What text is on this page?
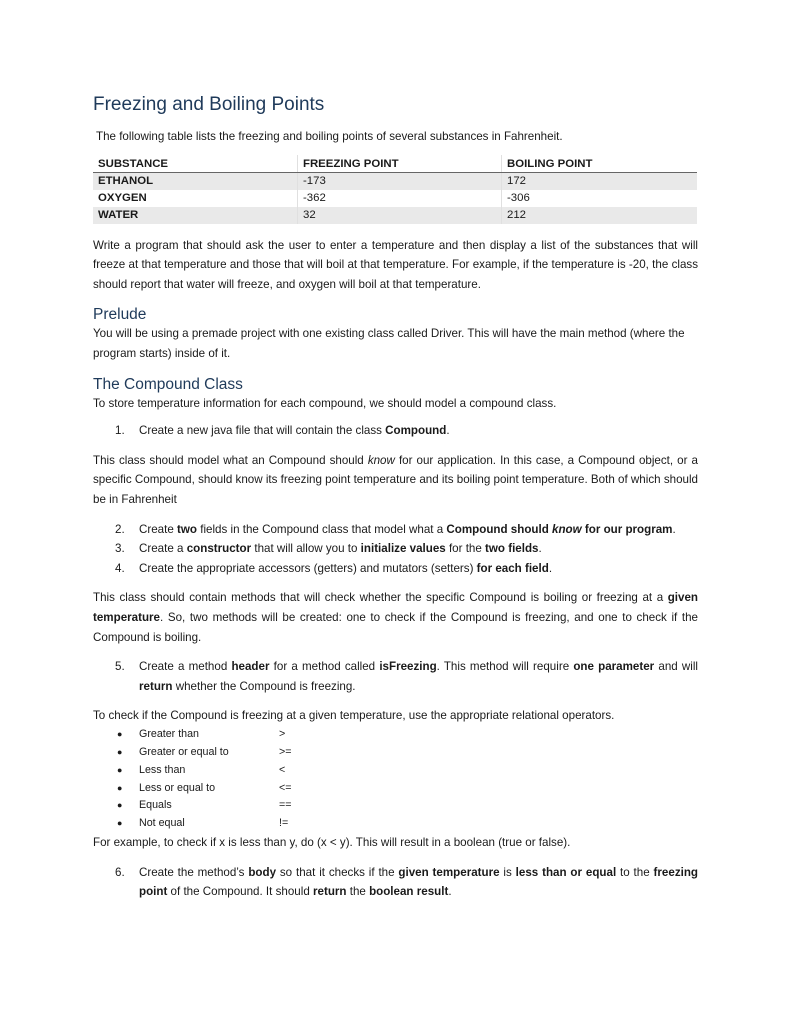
Freezing and Boiling Points

The following table lists the freezing and boiling points of several substances in Fahrenheit.

SUBSTANCE	FREEZING POINT	BOILING POINT
ETHANOL	-173	172
OXYGEN	-362	-306
WATER	32	212

Write a program that should ask the user to enter a temperature and then display a list of the substances that will freeze at that temperature and those that will boil at that temperature. For example, if the temperature is -20, the class should report that water will freeze, and oxygen will boil at that temperature.

Prelude

You will be using a premade project with one existing class called Driver. This will have the main method (where the program starts) inside of it.

The Compound Class

To store temperature information for each compound, we should model a compound class.

1. Create a new java file that will contain the class Compound.

This class should model what an Compound should know for our application. In this case, a Compound object, or a specific Compound, should know its freezing point temperature and its boiling point temperature. Both of which should be in Fahrenheit

2. Create two fields in the Compound class that model what a Compound should know for our program.
3. Create a constructor that will allow you to initialize values for the two fields.
4. Create the appropriate accessors (getters) and mutators (setters) for each field.

This class should contain methods that will check whether the specific Compound is boiling or freezing at a given temperature. So, two methods will be created: one to check if the Compound is freezing, and one to check if the Compound is boiling.

5. Create a method header for a method called isFreezing. This method will require one parameter and will return whether the Compound is freezing.

To check if the Compound is freezing at a given temperature, use the appropriate relational operators.

● Greater than	>
● Greater or equal to	>=
● Less than	<
● Less or equal to	<=
● Equals	==
● Not equal	!=

For example, to check if x is less than y, do (x < y). This will result in a boolean (true or false).

6. Create the method’s body so that it checks if the given temperature is less than or equal to the freezing point of the Compound. It should return the boolean result.
